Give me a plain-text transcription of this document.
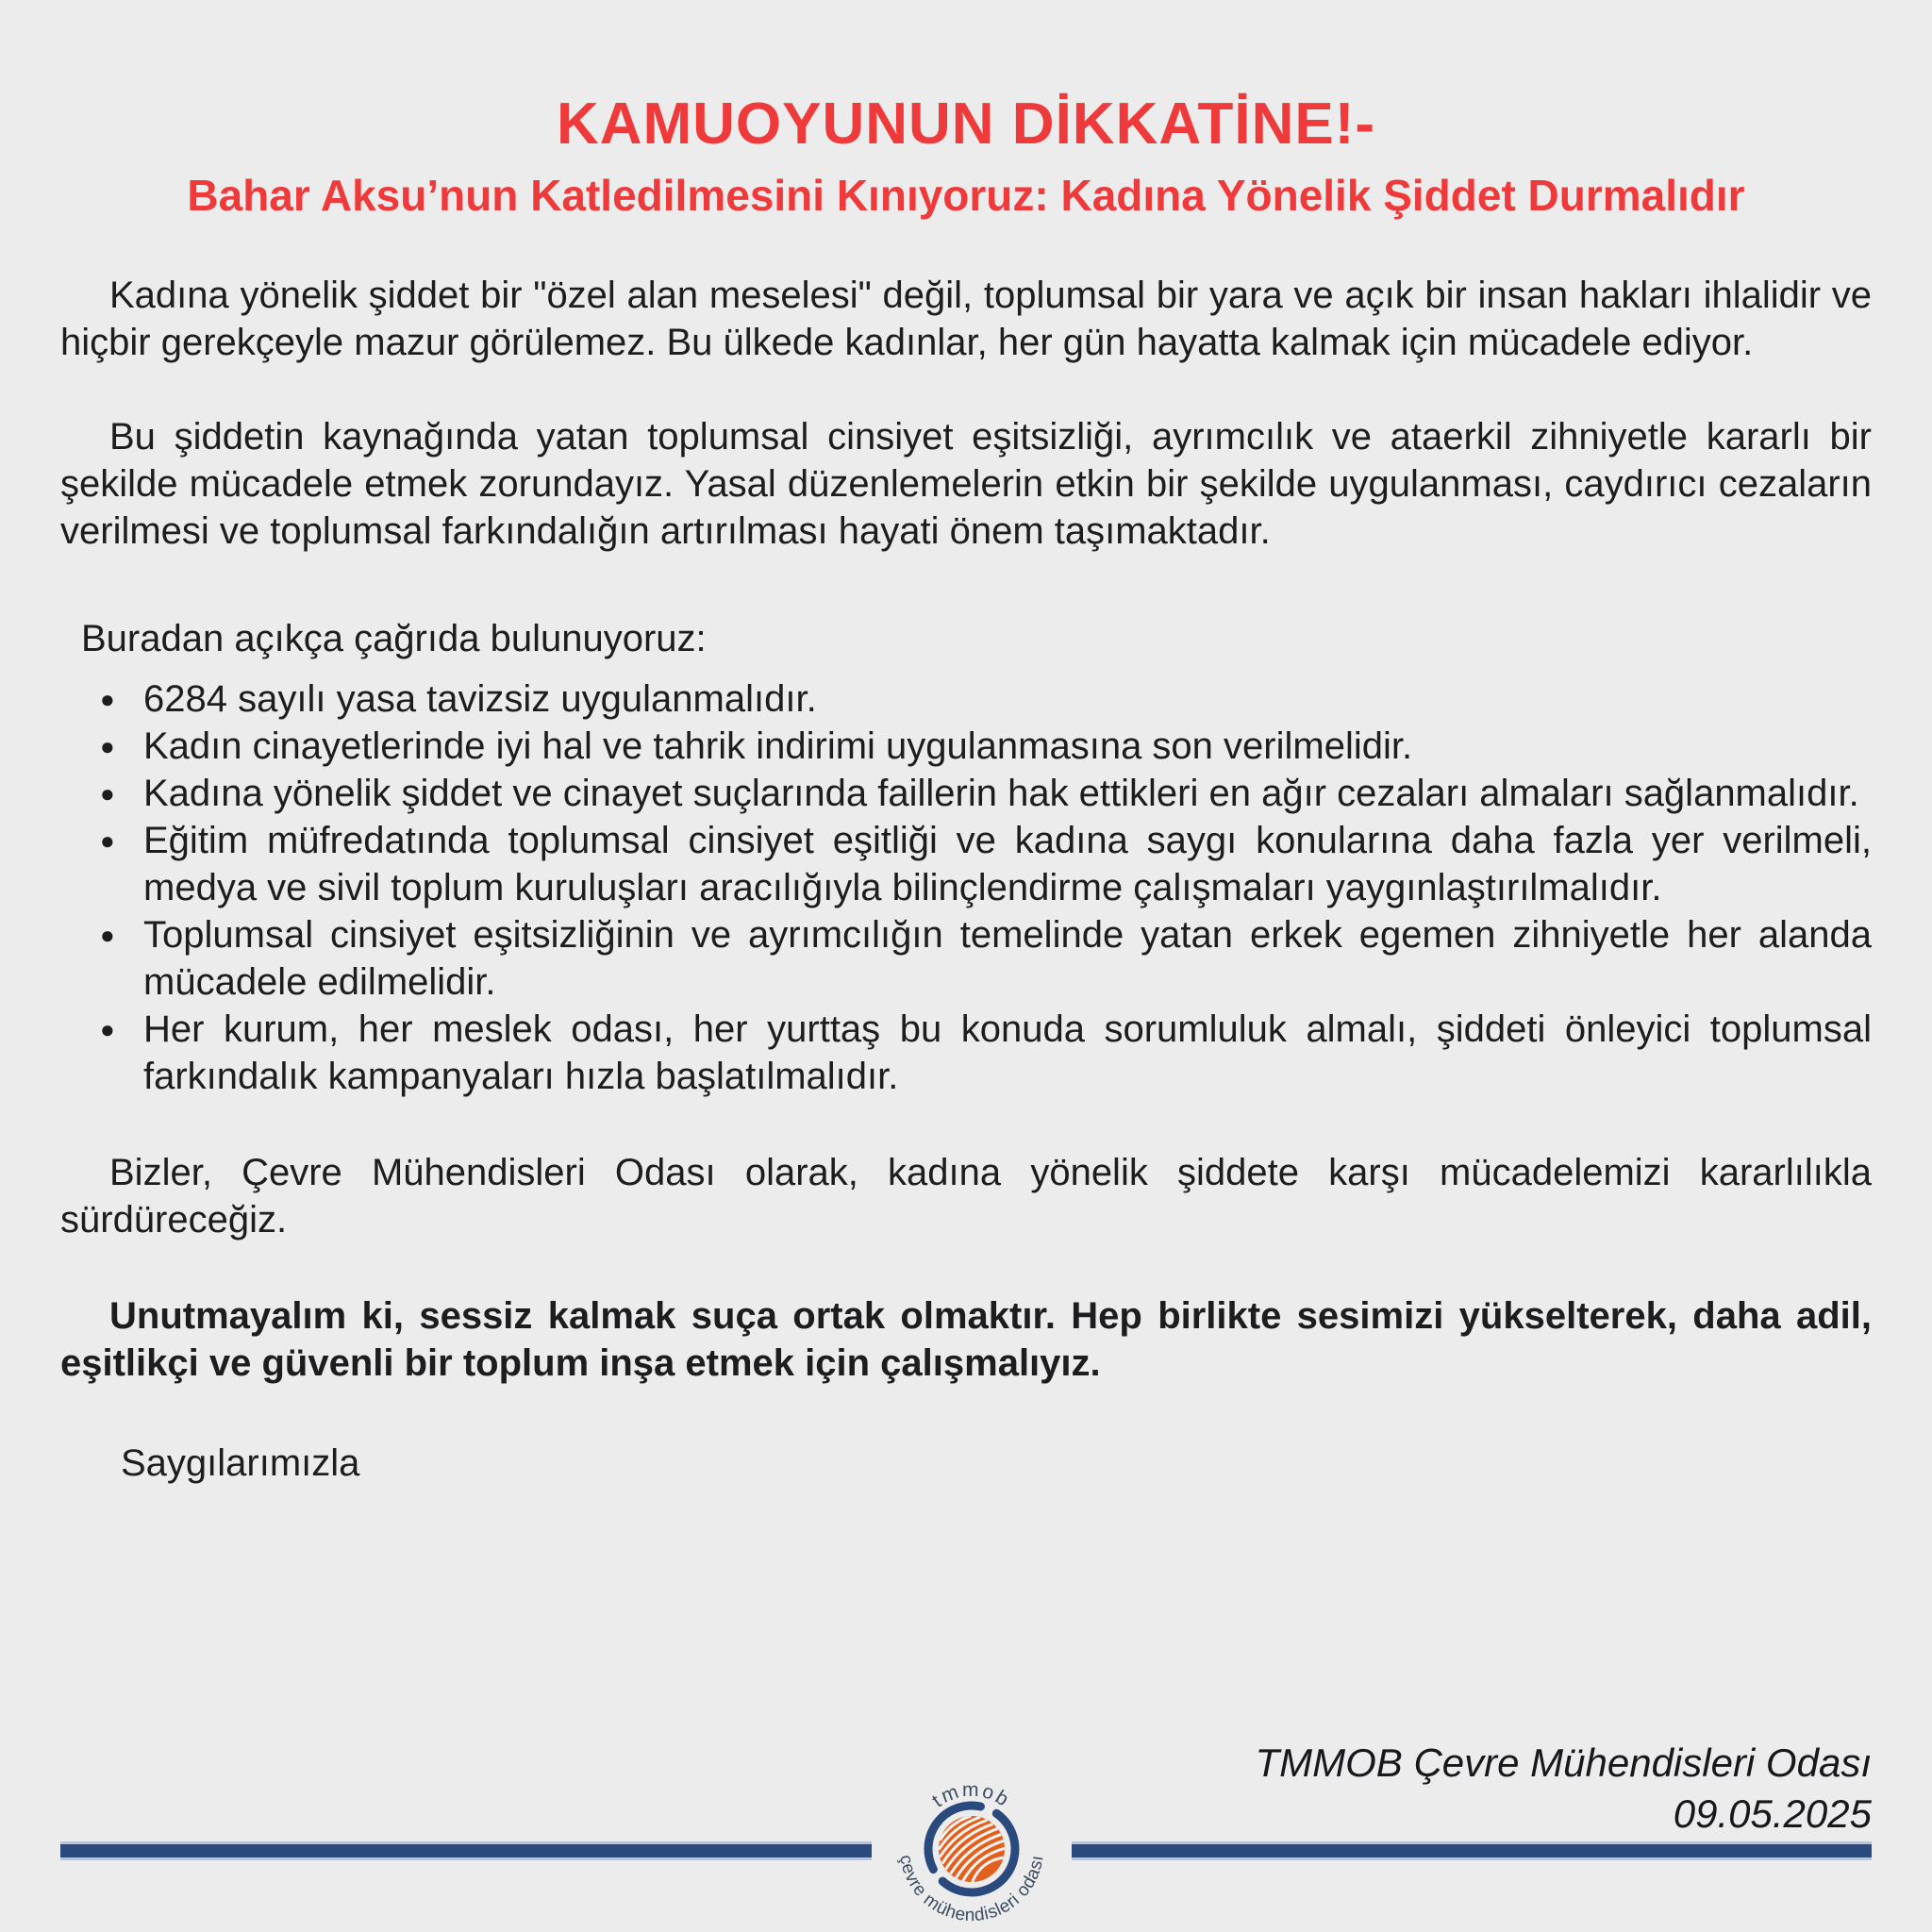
KAMUOYUNUN DİKKATİNE!-
Bahar Aksu’nun Katledilmesini Kınıyoruz: Kadına Yönelik Şiddet Durmalıdır

Kadına yönelik şiddet bir "özel alan meselesi" değil, toplumsal bir yara ve açık bir insan hakları ihlalidir ve hiçbir gerekçeyle mazur görülemez. Bu ülkede kadınlar, her gün hayatta kalmak için mücadele ediyor.

Bu şiddetin kaynağında yatan toplumsal cinsiyet eşitsizliği, ayrımcılık ve ataerkil zihniyetle kararlı bir şekilde mücadele etmek zorundayız. Yasal düzenlemelerin etkin bir şekilde uygulanması, caydırıcı cezaların verilmesi ve toplumsal farkındalığın artırılması hayati önem taşımaktadır.

Buradan açıkça çağrıda bulunuyoruz:

● 6284 sayılı yasa tavizsiz uygulanmalıdır.
● Kadın cinayetlerinde iyi hal ve tahrik indirimi uygulanmasına son verilmelidir.
● Kadına yönelik şiddet ve cinayet suçlarında faillerin hak ettikleri en ağır cezaları almaları sağlanmalıdır.
● Eğitim müfredatında toplumsal cinsiyet eşitliği ve kadına saygı konularına daha fazla yer verilmeli, medya ve sivil toplum kuruluşları aracılığıyla bilinçlendirme çalışmaları yaygınlaştırılmalıdır.
● Toplumsal cinsiyet eşitsizliğinin ve ayrımcılığın temelinde yatan erkek egemen zihniyetle her alanda mücadele edilmelidir.
● Her kurum, her meslek odası, her yurttaş bu konuda sorumluluk almalı, şiddeti önleyici toplumsal farkındalık kampanyaları hızla başlatılmalıdır.

Bizler, Çevre Mühendisleri Odası olarak, kadına yönelik şiddete karşı mücadelemizi kararlılıkla sürdüreceğiz.

Unutmayalım ki, sessiz kalmak suça ortak olmaktır. Hep birlikte sesimizi yükselterek, daha adil, eşitlikçi ve güvenli bir toplum inşa etmek için çalışmalıyız.

Saygılarımızla

TMMOB Çevre Mühendisleri Odası
09.05.2025
tmmob
çevre mühendisleri odası
